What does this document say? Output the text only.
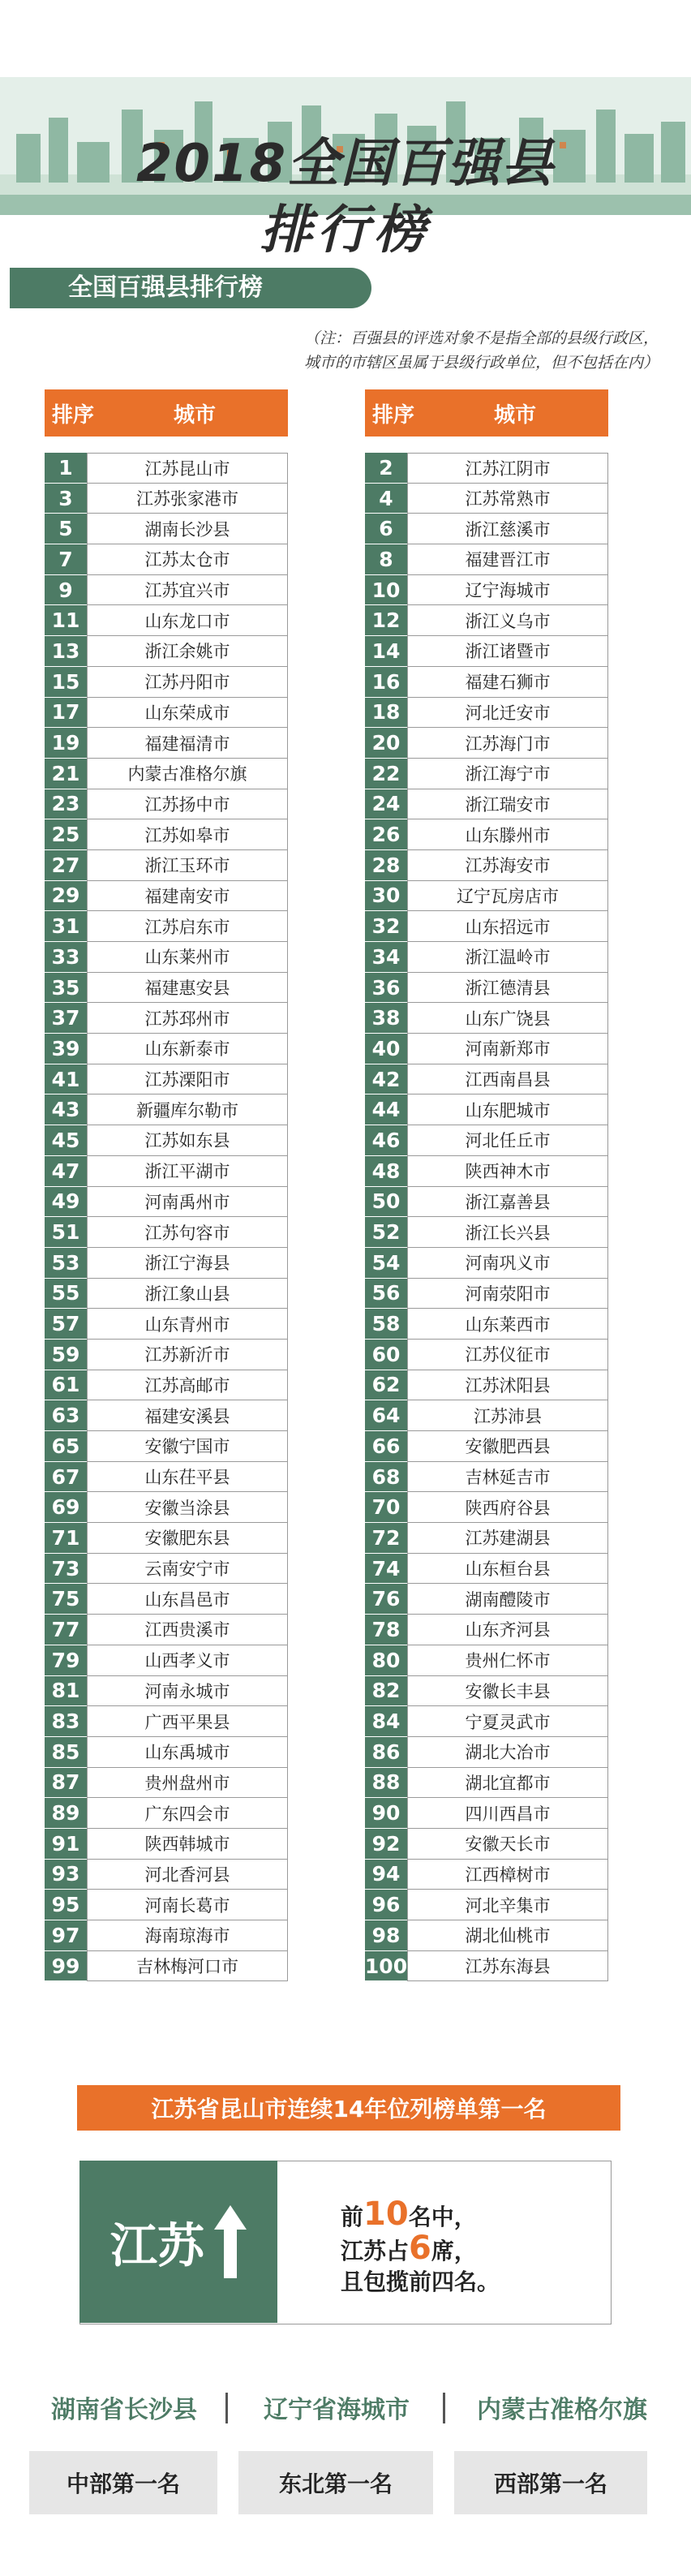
2018全国百强县
排行榜
全国百强县排行榜
（注：百强县的评选对象不是指全部的县级行政区，
城市的市辖区虽属于县级行政单位，但不包括在内）
排序	城市
1	江苏昆山市
3	江苏张家港市
5	湖南长沙县
7	江苏太仓市
9	江苏宜兴市
11	山东龙口市
13	浙江余姚市
15	江苏丹阳市
17	山东荣成市
19	福建福清市
21	内蒙古准格尔旗
23	江苏扬中市
25	江苏如皋市
27	浙江玉环市
29	福建南安市
31	江苏启东市
33	山东莱州市
35	福建惠安县
37	江苏邳州市
39	山东新泰市
41	江苏溧阳市
43	新疆库尔勒市
45	江苏如东县
47	浙江平湖市
49	河南禹州市
51	江苏句容市
53	浙江宁海县
55	浙江象山县
57	山东青州市
59	江苏新沂市
61	江苏高邮市
63	福建安溪县
65	安徽宁国市
67	山东茌平县
69	安徽当涂县
71	安徽肥东县
73	云南安宁市
75	山东昌邑市
77	江西贵溪市
79	山西孝义市
81	河南永城市
83	广西平果县
85	山东禹城市
87	贵州盘州市
89	广东四会市
91	陕西韩城市
93	河北香河县
95	河南长葛市
97	海南琼海市
99	吉林梅河口市
排序	城市
2	江苏江阴市
4	江苏常熟市
6	浙江慈溪市
8	福建晋江市
10	辽宁海城市
12	浙江义乌市
14	浙江诸暨市
16	福建石狮市
18	河北迁安市
20	江苏海门市
22	浙江海宁市
24	浙江瑞安市
26	山东滕州市
28	江苏海安市
30	辽宁瓦房店市
32	山东招远市
34	浙江温岭市
36	浙江德清县
38	山东广饶县
40	河南新郑市
42	江西南昌县
44	山东肥城市
46	河北任丘市
48	陕西神木市
50	浙江嘉善县
52	浙江长兴县
54	河南巩义市
56	河南荥阳市
58	山东莱西市
60	江苏仪征市
62	江苏沭阳县
64	江苏沛县
66	安徽肥西县
68	吉林延吉市
70	陕西府谷县
72	江苏建湖县
74	山东桓台县
76	湖南醴陵市
78	山东齐河县
80	贵州仁怀市
82	安徽长丰县
84	宁夏灵武市
86	湖北大冶市
88	湖北宜都市
90	四川西昌市
92	安徽天长市
94	江西樟树市
96	河北辛集市
98	湖北仙桃市
100	江苏东海县
江苏省昆山市连续14年位列榜单第一名
江苏
前10名中，
江苏占6席，
且包揽前四名。
湖南省长沙县	辽宁省海城市	内蒙古准格尔旗
中部第一名	东北第一名	西部第一名
